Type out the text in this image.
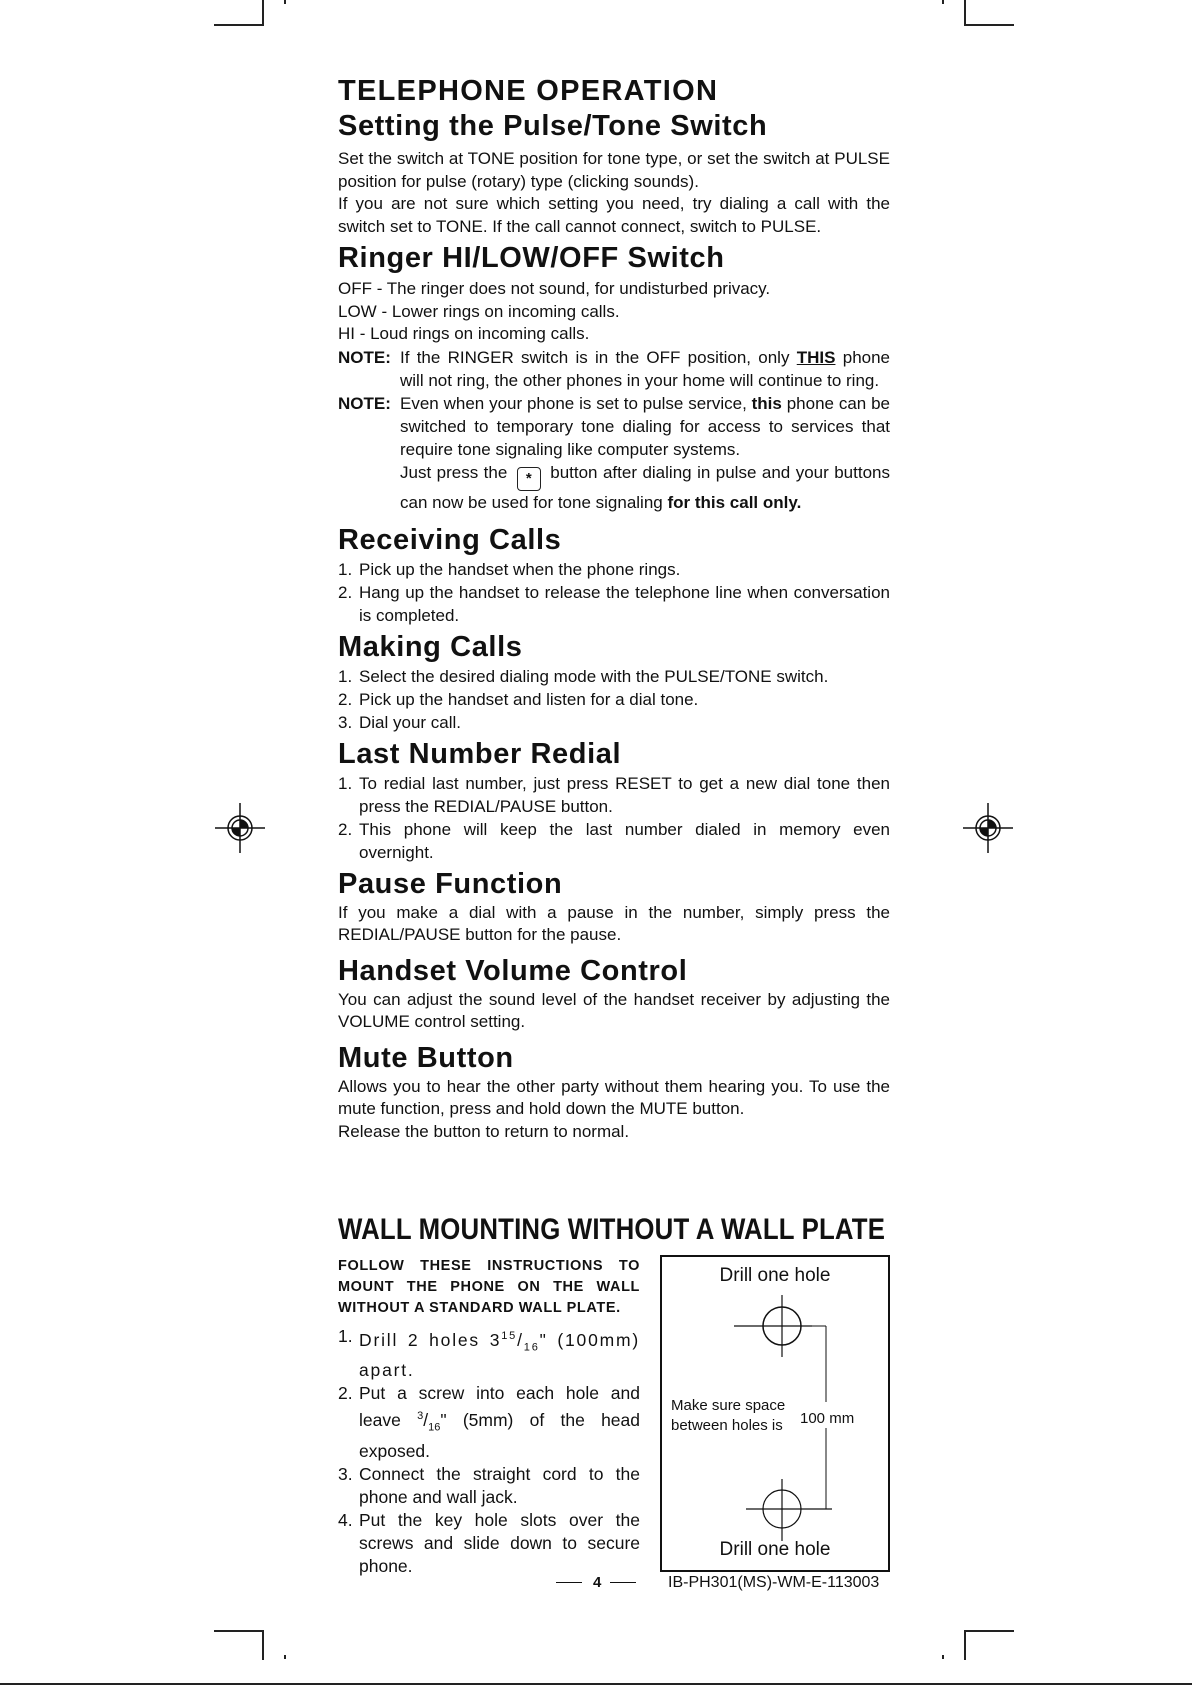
TELEPHONE OPERATION
Setting the Pulse/Tone Switch

Set the switch at TONE position for tone type, or set the switch at PULSE position for pulse (rotary) type (clicking sounds).

If you are not sure which setting you need, try dialing a call with the switch set to TONE. If the call cannot connect, switch to PULSE.

Ringer HI/LOW/OFF Switch

OFF - The ringer does not sound, for undisturbed privacy.

LOW - Lower rings on incoming calls.

HI - Loud rings on incoming calls.

NOTE: If the RINGER switch is in the OFF position, only THIS phone will not ring, the other phones in your home will continue to ring.
NOTE: Even when your phone is set to pulse service, this phone can be switched to temporary tone dialing for access to services that require tone signaling like computer systems.
Just press the * button after dialing in pulse and your buttons can now be used for tone signaling for this call only.
Receiving Calls
1. Pick up the handset when the phone rings.
2. Hang up the handset to release the telephone line when conversation is completed.
Making Calls
1. Select the desired dialing mode with the PULSE/TONE switch.
2. Pick up the handset and listen for a dial tone.
3. Dial your call.
Last Number Redial
1. To redial last number, just press RESET to get a new dial tone then press the REDIAL/PAUSE button.
2. This phone will keep the last number dialed in memory even overnight.
Pause Function

If you make a dial with a pause in the number, simply press the REDIAL/PAUSE button for the pause.

Handset Volume Control

You can adjust the sound level of the handset receiver by adjusting the VOLUME control setting.

Mute Button

Allows you to hear the other party without them hearing you. To use the mute function, press and hold down the MUTE button.

Release the button to return to normal.

WALL MOUNTING WITHOUT A WALL PLATE

FOLLOW THESE INSTRUCTIONS TO MOUNT THE PHONE ON THE WALL WITHOUT A STANDARD WALL PLATE.

1. Drill 2 holes $3^{15}/_{16}$" (100mm) apart.
2. Put a screw into each hole and leave $^3/_{16}$" (5mm) of the head exposed.
3. Connect the straight cord to the phone and wall jack.
4. Put the key hole slots over the screws and slide down to secure phone.
Drill one hole
Make sure space
between holes is 100 mm
Drill one hole
4	IB-PH301(MS)-WM-E-113003
